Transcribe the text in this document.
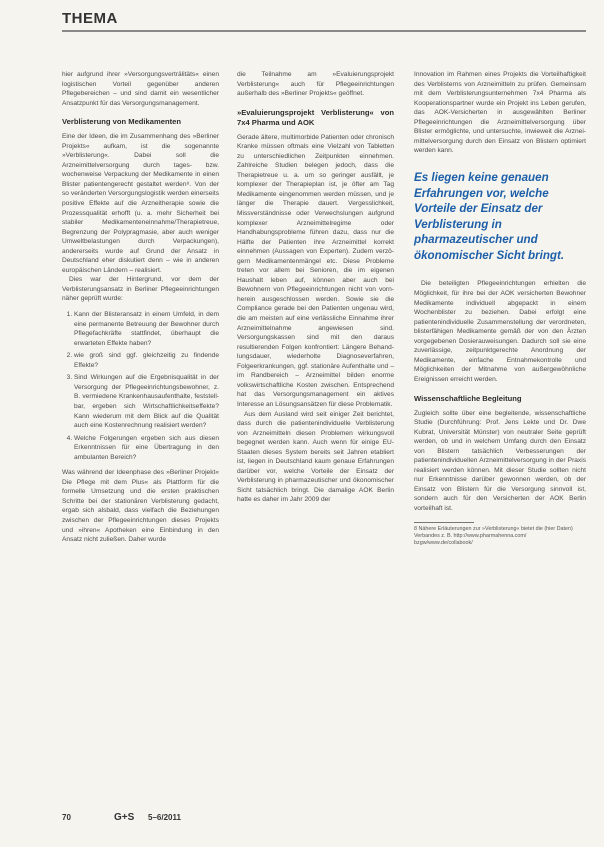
THEMA

hier aufgrund ihrer »Versorgungsverträlitäts« einen logistischen Vorteil gegenüber anderen Pflegebereichen – und sind damit ein wesentlicher Ansatzpunkt für das Versorgungsmanagement.

Verblisterung von Medikamenten

Eine der Ideen, die im Zusammenhang des »Berliner Projekts« aufkam, ist die sogenannte »Verblisterung«. Dabei soll die Arzneimittelversorgung durch tages- bzw. wochenweise Verpackung der Medikamente in einen Blister patientengerecht gestaltet werden⁸. Von der so veränderten Versorgungslogistik werden einerseits positive Effekte auf die Arzneitherapie sowie die Prozessqualität erhofft (u. a. mehr Sicherheit bei stabiler Medikamenteneinnahme/Therapietreue, Begrenzung der Polypragmasie, aber auch weniger Umweltbelastungen durch Verpackungen), andererseits wurde auf Grund der Ansatz in Deutschland eher diskutiert denn – wie in anderen europäischen Ländern – realisiert.

Dies war der Hintergrund, vor dem der Verblisterungsansatz in Berliner Pflegeeinrichtungen näher geprüft wurde:

1. Kann der Blisteransatz in einem Umfeld, in dem eine permanente Betreuung der Bewohner durch Pflegefachkräfte stattfindet, überhaupt die erwarteten Effekte haben?
2. wie groß sind ggf. gleichzeitig zu findende Effekte?
3. Sind Wirkungen auf die Ergebnisqualität in der Versorgung der Pflegeeinrichtungsbewohner, z. B. vermiedene Krankenhausaufenthalte, feststellbar, ergeben sich Wirtschaftlichkeitseffekte? Kann wiederum mit dem Blick auf die Qualität auch eine Kostenrechnung realisiert werden?
4. Welche Folgerungen ergeben sich aus diesen Erkenntnissen für eine Übertragung in den ambulanten Bereich?

Was während der Ideenphase des »Berliner Projekt« Die Pflege mit dem Plus« als Plattform für die formelle Umsetzung und die ersten praktischen Schritte bei der stationären Verblisterung gedacht, ergab sich alsbald, dass vielfach die Beziehungen zwischen der Pflegeeinrichtungen dieses Projekts und »ihren« Apotheken eine Einbindung in den Ansatz nicht zuließen. Daher wurde

die Teilnahme am »Evaluierungsprojekt Verblisterung« auch für Pflegeeinrichtungen außerhalb des »Berliner Projekts« geöffnet.

»Evaluierungsprojekt Verblisterung« von 7x4 Pharma und AOK

Gerade ältere, multimorbide Patienten oder chronisch Kranke müssen oftmals eine Vielzahl von Tabletten zu unterschiedlichen Zeitpunkten einnehmen. Zahlreiche Studien belegen jedoch, dass die Therapietreue u. a. um so geringer ausfällt, je komplexer der Therapieplan ist, je öfter am Tag Medikamente eingenommen werden müssen, und je länger die Therapie dauert. Vergesslichkeit, Missverständnisse oder Verwechslungen aufgrund komplexer Arzneimittelregime oder Handhabungsprobleme führen dazu, dass nur die Hälfte der Patienten ihre Arzneimittel korrekt einnehmen (Aussagen von Experten). Zudem verzögern Medikamentenmängel etc. Diese Probleme treten vor allem bei Senioren, die im eigenen Haushalt leben auf, können aber auch bei Bewohnern von Pflegeeinrichtungen nicht von vornherein ausgeschlossen werden. Sowie sie die Compliance gerade bei den Patienten ungenau wird, die am meisten auf eine verlässliche Einnahme ihrer Arzneimittelnahme angewiesen sind. Versorgungskassen sind mit den daraus resultierenden Folgen konfrontiert: Längere Behandlungsdauer, wiederholte Diagnoseverfahren, Folgeerkrankungen, ggf. stationäre Aufenthalte und – im Randbereich – Arzneimittel bilden enorme volkswirtschaftliche Kosten zwischen. Entsprechend hat das Versorgungsmanagement ein aktives Interesse an Lösungsansätzen für diese Problematik.

Aus dem Ausland wird seit einiger Zeit berichtet, dass durch die patientenindividuelle Verblisterung von Arzneimitteln diesen Problemen wirkungsvoll begegnet werden kann. Auch wenn für einige EU-Staaten dieses System bereits seit Jahren etabliert ist, liegen in Deutschland kaum genaue Erfahrungen darüber vor, welche Vorteile der Einsatz der Verblisterung in pharmazeutischer und ökonomischer Sicht tatsächlich bringt. Die damalige AOK Berlin hatte es daher im Jahr 2009 der

Innovation im Rahmen eines Projekts die Vorteilhaftigkeit des Verblisterns von Arzneimitteln zu prüfen. Gemeinsam mit dem Verblisterungsunternehmen 7x4 Pharma als Kooperationspartner wurde ein Projekt ins Leben gerufen, das AOK-Versicherten in ausgewählten Berliner Pflegeeinrichtungen die Arzneimittelversorgung über Blister ermöglichte, und untersuchte, inwieweit die Arzneimittelversorgung durch den Einsatz von Blistern optimiert werden kann.

Es liegen keine genauen Erfahrungen vor, welche Vorteile der Einsatz der Verblisterung in pharmazeutischer und ökonomischer Sicht bringt.

Die beteiligten Pflegeeinrichtungen erhielten die Möglichkeit, für ihre bei der AOK versicherten Bewohner Medikamente individuell abgepackt in einem Wochenblister zu beziehen. Dabei erfolgt eine patientenindividuelle Zusammenstellung der verordneten, blisterfähigen Medikamente gemäß der von den Ärzten vorgegebenen Dosierauweisungen. Dadurch soll sie eine zuverlässige, zeitpunktgerechte Anordnung der Medikamente, einfache Entnahmekontrolle und Möglichkeiten der Mitnahme von außergewöhnliche Ereignissen erreicht werden.

Wissenschaftliche Begleitung

Zugleich sollte über eine begleitende, wissenschaftliche Studie (Durchführung: Prof. Jens Lekte und Dr. Dwe Kubrat, Universität Münster) von neutraler Seite geprüft werden, ob und in welchem Umfang durch den Einsatz von Blistern tatsächlich Verbesserungen der patientenindividuellen Arzneimittelversorgung in der Praxis realisiert werden können. Mit dieser Studie sollten nicht nur Erkenntnisse darüber gewonnen werden, ob der Einsatz von Blistern für die Versorgung sinnvoll ist, sondern auch für den Versicherten der AOK Berlin vorteilhaft ist.

8 Nähere Erläuterungen zur »Verblisterung« bietet die (hier Daten) Verbandes z. B. http://www.pharmahenna.com/ bzgw/www.de/collabook/
70	G+S 5–6/2011
